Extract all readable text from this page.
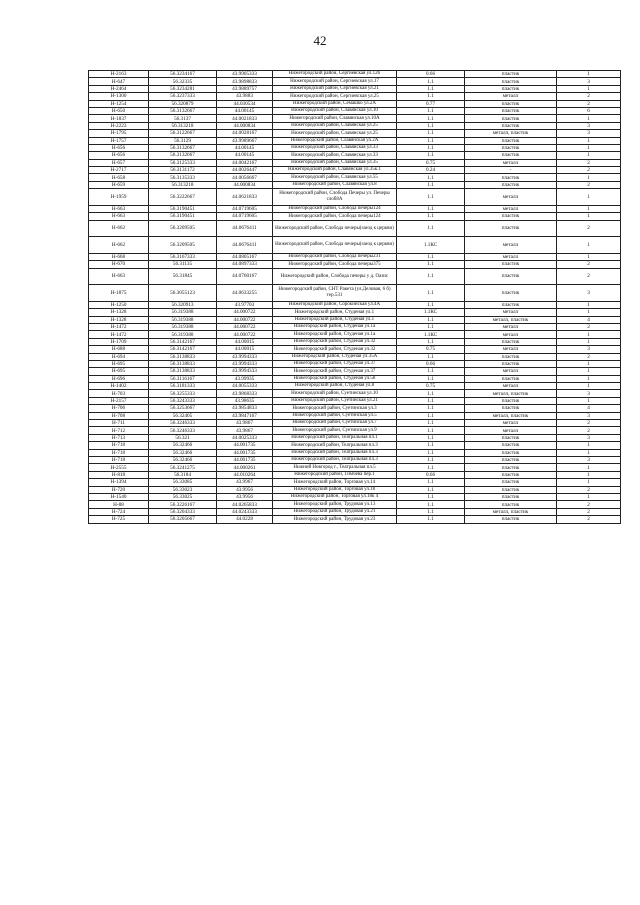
42
Н-2163	56.3234167	43.9905333	Нижегородский район, Сергиевская ул.12б	0.66	пластик	1
Н-647	56.32335	43.9898833	Нижегородский район, Сергиевская ул.17	1.1	пластик	3
Н-2464	56.3234281	43.9889757	Нижегородский район, Сергиевская ул.21	1.1	пластик	1
Н-1300	56.3237333	43.9883	Нижегородский район, Сергиевская ул.25	1.1	металл	2
Н-1254	56.320879	44.030534	Нижегородский район, Семашко ул.2А	0.77	пластик	2
Н-650	56.3132667	44.00145	Нижегородский район, Славянская ул.10	1.1	пластик	6
Н-1837	56.3137	44.0021833	Нижегородский район, Славянская ул.10А	1.1	пластик	1
Н-2223	56.313218	44.000834	Нижегородский район, Славянская ул.25	1.1	пластик	3
Н-1795	56.3122667	44.0028167	Нижегородский район, Славянская ул.25	1.1	металл, пластик	3
Н-1757	56.3129	43.9989667	Нижегородский район, Славянская ул.2А	1.1	пластик	1
Н-656	56.3132667	44.00145	Нижегородский район, Славянская ул.33	1.1	пластик	1
Н-656	56.3132667	44.00145	Нижегородский район, Славянская ул.33	1.1	пластик	1
Н-657	56.3125333	44.0042167	Нижегородский район, Славянская ул.35	0.75	металл	2
Н-2717	56.3131172	44.0026447	Нижегородский район, Славянская ул.35к.1	0.24	-	2
Н-658	56.3135333	44.0056667	Нижегородский район, Славянская ул.55	1.1	пластик	1
Н-659	56.313218	44.000834	Нижегородский район, Славянская ул.8	1.1	пластик	2
Н-1959	56.3222667	44.0621833	Нижегородский район, Слобода Печеры ул. Печеры слоб8А	1.1	металл	1
Н-663	56.3190451	44.0719605	Нижегородский район, Слобода печеры124	1.1	металл	1
Н-663	56.3190451	44.0719605	Нижегородский район, Слобода печеры124	1.1	пластик	1
Н-662	56.3209505	44.0676411	Нижегородский район, Слобода печеры(заезд к церкви)	1.1	пластик	2
Н-662	56.3209505	44.0676411	Нижегородский район, Слобода печеры(заезд к церкви)	1.1КС	металл	1
Н-668	56.3167333	44.0805167	Нижегородский район, Слобода печеры231	1.1	металл	1
Н-670	56.31135	44.0897333	Нижегородский район, Слобода печеры375	1.1	пластик	2
Н-663	56.31845	44.0760167	Нижегородский район, Слобода печеры у д. Оазис	1.1	пластик	2
Н-1875	56.3055123	44.0633255	Нижегородский район, СНТ Ракета (ул.Деловая, 6 б) тер.531	1.1	пластик	3
Н-1250	56.320913	43.97703	Нижегородский район, Сорокинская ул.4А	1.1	пластик	1
Н-1328	56.319388	44.000722	Нижегородский район, Студеная ул.1	1.1КС	металл	1
Н-1328	56.319388	44.000722	Нижегородский район, Студеная ул.1	1.1	металл, пластик	4
Н-1472	56.319388	44.000722	Нижегородский район, Студеная ул.1а	1.1	металл	2
Н-1472	56.319388	44.000722	Нижегородский район, Студеная ул.1а	1.1КС	металл	1
Н-1709	56.3142167	44.00015	Нижегородский район, Студеная ул.32	1.1	пластик	1
Н-688	56.3142167	44.00015	Нижегородский район, Студеная ул.32	0.75	металл	3
Н-694	56.3138833	43.9994333	Нижегородский район, Студеная ул.35А	1.1	пластик	2
Н-695	56.3138833	43.9994333	Нижегородский район, Студеная ул.37	0.66	пластик	1
Н-695	56.3138833	43.9994333	Нижегородский район, Студеная ул.37	1.1	металл	1
Н-696	56.3116167	43.99935	Нижегородский район, Студеная ул.58	1.1	пластик	1
Н-1402	56.3181333	44.0055333	Нижегородский район, Студеная ул.8	0.75	металл	1
Н-703	56.3255333	43.9868333	Нижегородский район, Суетинская ул.10	1.1	металл, пластик	3
Н-2157	56.3243333	43.98635	Нижегородский район, Суетинская ул.21	1.1	пластик	1
Н-706	56.3253667	43.9854833	Нижегородский район, Суетинская ул.3	1.1	пластик	4
Н-708	56.32405	43.9847167	Нижегородский район, Суетинская ул.5	1.1	металл, пластик	3
Н-711	56.3246333	43.9867	Нижегородский район, Суетинская ул.7	1.1	металл	2
Н-712	56.3246333	43.9867	Нижегородский район, Суетинская ул.9	1.1	металл	2
Н-713	56.321	44.0025333	Нижегородский район, Театральная пл.1	1.1	пластик	3
Н-718	56.32466	44.001735	Нижегородский район, Театральная пл.3	1.1	пластик	1
Н-718	56.32466	44.001735	Нижегородский район, Театральная пл.3	1.1	пластик	1
Н-718	56.32466	44.001735	Нижегородский район, Театральная пл.3	1.1	пластик	3
Н-2555	56.3241275	44.000261	Нижний Новгород г., Театральная пл.5	1.1	пластик	1
Н-818	56.3184	44.010264	Нижегородский район, Тимчева пер.1	0.66	пластик	1
Н-1394	56.33085	43.9967	Нижегородский район, Торговая ул.14	1.1	пластик	1
Н-720	56.33023	43.9956	Нижегородский район, Торговая ул.18	1.1	пластик	2
Н-1540	56.33025	43.9956	Нижегородский район, Торговая ул.18к 4	1.1	пластик	1
Н-88	56.3226167	44.0265833	Нижегородский район, Трудовая ул.13	1.1	пластик	2
Н-724	56.3204333	44.0243333	Нижегородский район, Трудовая ул.21	1.1	металл, пластик	2
Н-725	56.3205667	44.0228	Нижегородский район, Трудовая ул.23	1.1	пластик	2
